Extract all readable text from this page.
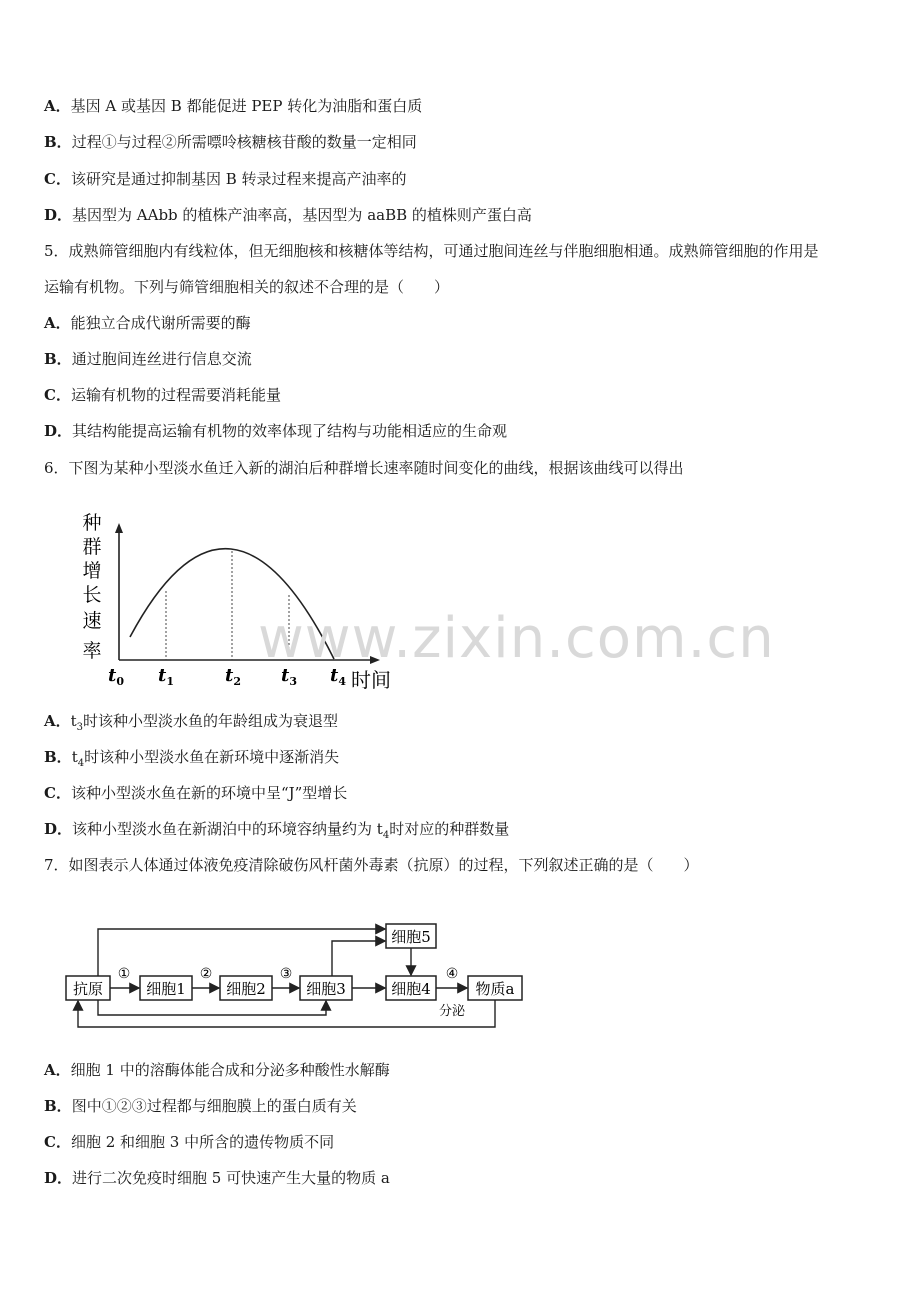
A．基因 A 或基因 B 都能促进 PEP 转化为油脂和蛋白质
B．过程①与过程②所需嘌呤核糖核苷酸的数量一定相同
C．该研究是通过抑制基因 B 转录过程来提高产油率的
D．基因型为 AAbb 的植株产油率高，基因型为 aaBB 的植株则产蛋白高
5．成熟筛管细胞内有线粒体，但无细胞核和核糖体等结构，可通过胞间连丝与伴胞细胞相通。成熟筛管细胞的作用是
运输有机物。下列与筛管细胞相关的叙述不合理的是（　　）
A．能独立合成代谢所需要的酶
B．通过胞间连丝进行信息交流
C．运输有机物的过程需要消耗能量
D．其结构能提高运输有机物的效率体现了结构与功能相适应的生命观
6．下图为某种小型淡水鱼迁入新的湖泊后种群增长速率随时间变化的曲线，根据该曲线可以得出
种
群
增
长
速
率
$t_0$ $t_1$	$t_2$ $t_3$ $t_4$ 时间
www.zixin.com.cn
A．$t_3$时该种小型淡水鱼的年龄组成为衰退型
B．$t_4$时该种小型淡水鱼在新环境中逐渐消失
C．该种小型淡水鱼在新的环境中呈“J”型增长
D．该种小型淡水鱼在新湖泊中的环境容纳量约为 $t_4$时对应的种群数量
7．如图表示人体通过体液免疫清除破伤风杆菌外毒素（抗原）的过程，下列叙述正确的是（　　）
抗原	细胞1	细胞2	细胞3	细胞4
细胞5
物质a
①	②	③	④
分泌
A．细胞 1 中的溶酶体能合成和分泌多种酸性水解酶
B．图中①②③过程都与细胞膜上的蛋白质有关
C．细胞 2 和细胞 3 中所含的遗传物质不同
D．进行二次免疫时细胞 5 可快速产生大量的物质 a
